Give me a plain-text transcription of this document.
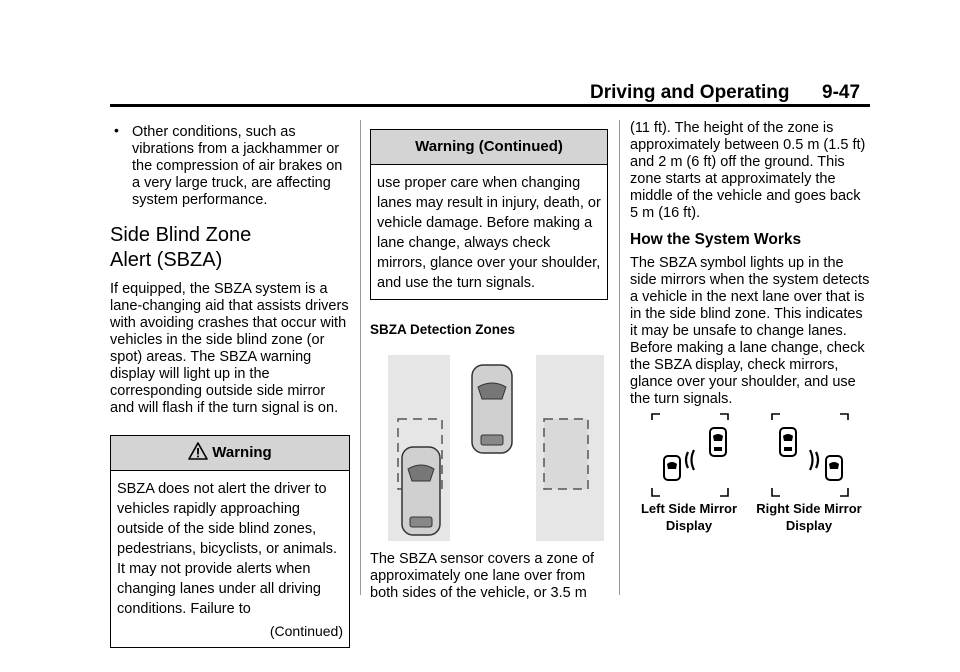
Driving and Operating 9-47
• Other conditions, such as vibrations from a jackhammer or the compression of air brakes on a very large truck, are affecting system performance.
Side Blind Zone
Alert (SBZA)

If equipped, the SBZA system is a lane-changing aid that assists drivers with avoiding crashes that occur with vehicles in the side blind zone (or spot) areas. The SBZA warning display will light up in the corresponding outside side mirror and will flash if the turn signal is on.

Warning
SBZA does not alert the driver to vehicles rapidly approaching outside of the side blind zones, pedestrians, bicyclists, or animals. It may not provide alerts when changing lanes under all driving conditions. Failure to
(Continued)
Warning (Continued)
use proper care when changing lanes may result in injury, death, or vehicle damage. Before making a lane change, always check mirrors, glance over your shoulder, and use the turn signals.
SBZA Detection Zones

The SBZA sensor covers a zone of approximately one lane over from both sides of the vehicle, or 3.5 m

(11 ft). The height of the zone is approximately between 0.5 m (1.5 ft) and 2 m (6 ft) off the ground. This zone starts at approximately the middle of the vehicle and goes back 5 m (16 ft).

How the System Works

The SBZA symbol lights up in the side mirrors when the system detects a vehicle in the next lane over that is in the side blind zone. This indicates it may be unsafe to change lanes. Before making a lane change, check the SBZA display, check mirrors, glance over your shoulder, and use the turn signals.

Left Side Mirror
Display
Right Side Mirror
Display
